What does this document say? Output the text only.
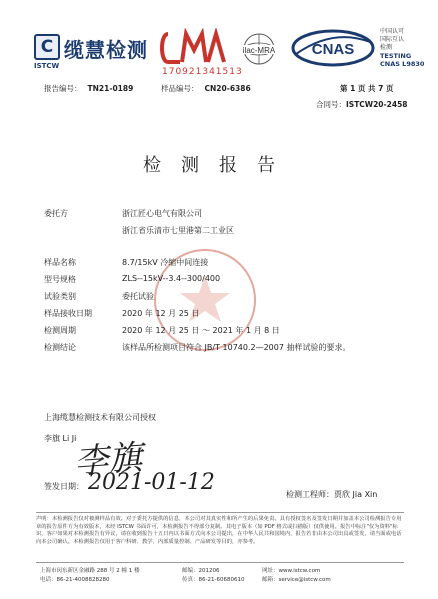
C 缆慧检测
ISTCW
170921341513
ilac-MRA CNAS
中国认可
国际互认
检测
TESTING
CNAS L9830
报告编号： TN21-0189	样品编号： CN20-6386	第 1 页 共 7 页
合同号：ISTCW20-2458
检测报告
委托方	浙江匠心电气有限公司
浙江省乐清市七里港第二工业区
样品名称	8.7/15kV 冷缩中间连接
型号规格	ZLS--15kV--3.4--300/400
试验类别	委托试验
样品接收日期	2020 年 12 月 25 日
检测周期	2020 年 12 月 25 日 ～ 2021 年 1 月 8 日
检测结论	该样品所检测项目符合 JB/T 10740.2—2007 抽样试验的要求。
上海缆慧检测技术有限公司授权
李旗 Li Ji
李旗
签发日期： 2021-01-12	检测工程师：贾欣 Jia Xin
声明：本检测报告仅对被测样品有效。对于委托方提供的信息，本公司对其真实性和所产生的后果免责。具有授权签名及签发日期并加盖本公司检测报告专用章的报告原件方为有效版本，未经 ISTCW 书面许可，本检测报告不得部分复制。其电子版本（如 PDF 格式或扫描版）仅供使用。报告中标注"仅为资料"标识，客户如果对本检测报告有异议，请在收到报告十五日内以书面方式向本公司提出，在中华人民共和国境内，报告若非由本公司出具或签发，请当面或电话向本公司确认。本检测报告仅用于客户科研、教学、内部质量控制、产品研发等目的，亦参考。
上海市闵东新区金融路 288 号 2 幢 1 楼	邮编：201206	网址：www.istcw.com
电话：86-21-4008828280	传真：86-21-60680610	邮箱：service@istcw.com
